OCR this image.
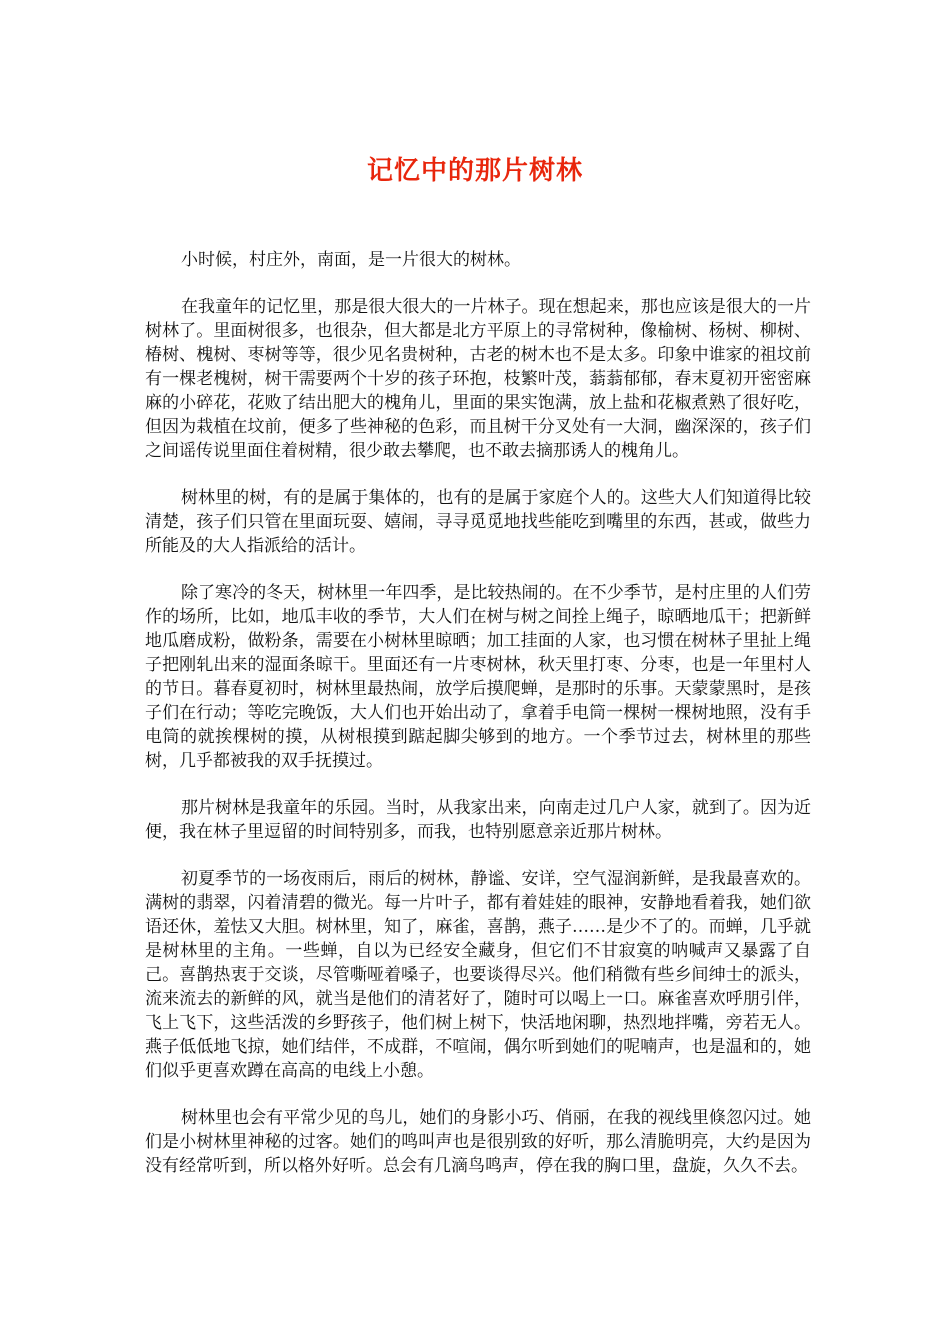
记忆中的那片树林

小时候，村庄外，南面，是一片很大的树林。

在我童年的记忆里，那是很大很大的一片林子。现在想起来，那也应该是很大的一片树林了。里面树很多，也很杂，但大都是北方平原上的寻常树种，像榆树、杨树、柳树、椿树、槐树、枣树等等，很少见名贵树种，古老的树木也不是太多。印象中谁家的祖坟前有一棵老槐树，树干需要两个十岁的孩子环抱，枝繁叶茂，蓊蓊郁郁，春末夏初开密密麻麻的小碎花，花败了结出肥大的槐角儿，里面的果实饱满，放上盐和花椒煮熟了很好吃，但因为栽植在坟前，便多了些神秘的色彩，而且树干分叉处有一大洞，幽深深的，孩子们之间谣传说里面住着树精，很少敢去攀爬，也不敢去摘那诱人的槐角儿。

树林里的树，有的是属于集体的，也有的是属于家庭个人的。这些大人们知道得比较清楚，孩子们只管在里面玩耍、嬉闹，寻寻觅觅地找些能吃到嘴里的东西，甚或，做些力所能及的大人指派给的活计。

除了寒冷的冬天，树林里一年四季，是比较热闹的。在不少季节，是村庄里的人们劳作的场所，比如，地瓜丰收的季节，大人们在树与树之间拴上绳子，晾晒地瓜干；把新鲜地瓜磨成粉，做粉条，需要在小树林里晾晒；加工挂面的人家，也习惯在树林子里扯上绳子把刚轧出来的湿面条晾干。里面还有一片枣树林，秋天里打枣、分枣，也是一年里村人的节日。暮春夏初时，树林里最热闹，放学后摸爬蝉，是那时的乐事。天蒙蒙黑时，是孩子们在行动；等吃完晚饭，大人们也开始出动了，拿着手电筒一棵树一棵树地照，没有手电筒的就挨棵树的摸，从树根摸到踮起脚尖够到的地方。一个季节过去，树林里的那些树，几乎都被我的双手抚摸过。

那片树林是我童年的乐园。当时，从我家出来，向南走过几户人家，就到了。因为近便，我在林子里逗留的时间特别多，而我，也特别愿意亲近那片树林。

初夏季节的一场夜雨后，雨后的树林，静谧、安详，空气湿润新鲜，是我最喜欢的。满树的翡翠，闪着清碧的微光。每一片叶子，都有着娃娃的眼神，安静地看着我，她们欲语还休，羞怯又大胆。树林里，知了，麻雀，喜鹊，燕子……是少不了的。而蝉，几乎就是树林里的主角。一些蝉，自以为已经安全藏身，但它们不甘寂寞的呐喊声又暴露了自己。喜鹊热衷于交谈，尽管嘶哑着嗓子，也要谈得尽兴。他们稍微有些乡间绅士的派头，流来流去的新鲜的风，就当是他们的清茗好了，随时可以喝上一口。麻雀喜欢呼朋引伴，飞上飞下，这些活泼的乡野孩子，他们树上树下，快活地闲聊，热烈地拌嘴，旁若无人。燕子低低地飞掠，她们结伴，不成群，不喧闹，偶尔听到她们的呢喃声，也是温和的，她们似乎更喜欢蹲在高高的电线上小憩。

树林里也会有平常少见的鸟儿，她们的身影小巧、俏丽，在我的视线里倏忽闪过。她们是小树林里神秘的过客。她们的鸣叫声也是很别致的好听，那么清脆明亮，大约是因为没有经常听到，所以格外好听。总会有几滴鸟鸣声，停在我的胸口里，盘旋，久久不去。
